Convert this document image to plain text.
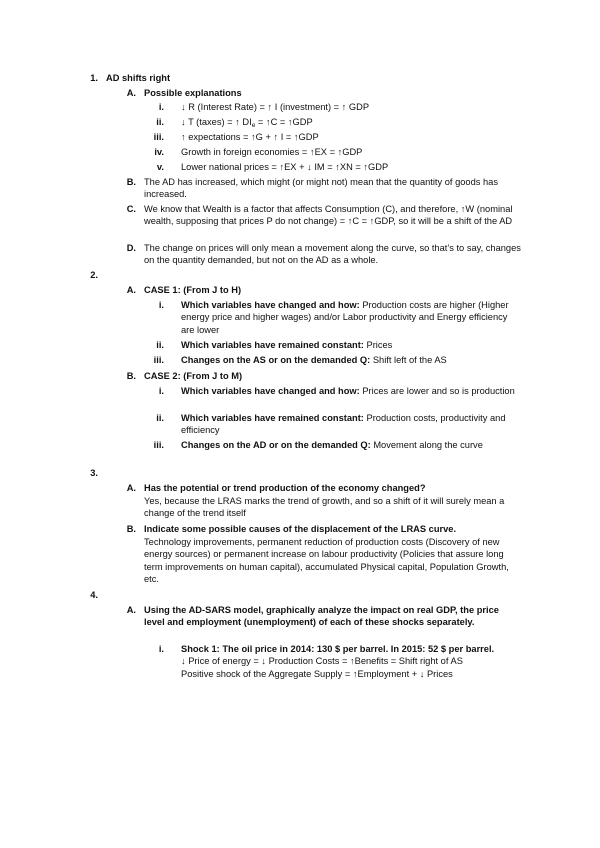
1. AD shifts right
A. Possible explanations
i. ↓ R (Interest Rate) = ↑ I (investment) = ↑ GDP
ii. ↓ T (taxes) = ↑ $DI_e$ = ↑C = ↑GDP
iii. ↑ expectations = ↑G + ↑ I = ↑GDP
iv. Growth in foreign economies = ↑EX = ↑GDP
v. Lower national prices = ↑EX + ↓ IM = ↑XN = ↑GDP
B. The AD has increased, which might (or might not) mean that the quantity of goods has increased.
C. We know that Wealth is a factor that affects Consumption (C), and therefore, ↑W (nominal wealth, supposing that prices P do not change) = ↑C = ↑GDP, so it will be a shift of the AD
D. The change on prices will only mean a movement along the curve, so that’s to say, changes on the quantity demanded, but not on the AD as a whole.
2.
A. CASE 1: (From J to H)
i. Which variables have changed and how: Production costs are higher (Higher energy price and higher wages) and/or Labor productivity and Energy efficiency are lower
ii. Which variables have remained constant: Prices
iii. Changes on the AS or on the demanded Q: Shift left of the AS
B. CASE 2: (From J to M)
i. Which variables have changed and how: Prices are lower and so is production
ii. Which variables have remained constant: Production costs, productivity and efficiency
iii. Changes on the AD or on the demanded Q: Movement along the curve
3.
A. Has the potential or trend production of the economy changed?
Yes, because the LRAS marks the trend of growth, and so a shift of it will surely mean a change of the trend itself
B. Indicate some possible causes of the displacement of the LRAS curve.
Technology improvements, permanent reduction of production costs (Discovery of new energy sources) or permanent increase on labour productivity (Policies that assure long term improvements on human capital), accumulated Physical capital, Population Growth, etc.
4.
A. Using the AD-SARS model, graphically analyze the impact on real GDP, the price level and employment (unemployment) of each of these shocks separately.
i. Shock 1: The oil price in 2014: 130 $ per barrel. In 2015: 52 $ per barrel.
↓ Price of energy = ↓ Production Costs = ↑Benefits = Shift right of AS
Positive shock of the Aggregate Supply = ↑Employment + ↓ Prices
